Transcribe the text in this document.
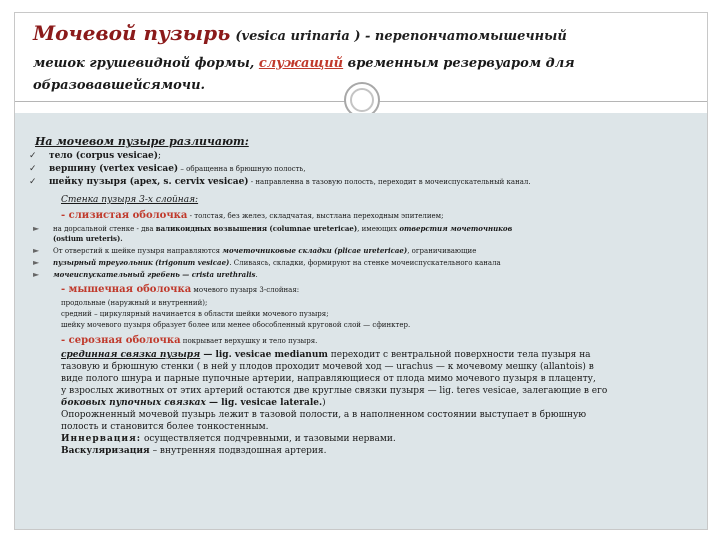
Мочевой пузырь (vesica urinaria ) - перепончатомышечный
мешок грушевидной формы, служащий временным резервуаром для
образовавшейсямочи.
На мочевом пузыре различают:
✓ тело (corpus vesicae);
✓ вершину (vertex vesicae) – обращенна в брюшную полость,
✓ шейку пузыря (apex, s. cervix vesicae) - направленна в тазовую полость, переходит в мочеиспускательный канал.
Стенка пузыря 3-х слойная:
- слизистая оболочка - толстая, без желез, складчатая, выстлана переходным эпителием;
► на дорсальной стенке - два валикоидных возвышения (columnae uretericae), имеющих отверстия мочеточников
(ostium ureteris).
► От отверстий к шейке пузыря направляются мочеточниковые складки (plicae uretericae), ограничивающие
► пузырный треугольник (trigonum vesicae). Сливаясь, складки, формируют на стенке мочеиспускательного канала
► мочеиспускательный гребень — crista urethralis.
- мышечная оболочка мочевого пузыря 3-слойная:
продольные (наружный и внутренний);
средний – циркулярный начинается в области шейки мочевого пузыря;
шейку мочевого пузыря образует более или менее обособленный круговой слой — сфинктер.
- серозная оболочка покрывает верхушку и тело пузыря.
срединная связка пузыря — lig. vesicae medianum переходит с вентральной поверхности тела пузыря на
тазовую и брюшную стенки ( в ней у плодов проходит мочевой ход — urachus — к мочевому мешку (allantois) в
виде полого шнура и парные пупочные артерии, направляющиеся от плода мимо мочевого пузыря в плаценту,
у взрослых животных от этих артерий остаются две круглые связки пузыря — lig. teres vesicae, залегающие в его
боковых пупочных связках — lig. vesicae laterale.)
Опорожненный мочевой пузырь лежит в тазовой полости, а в наполненном состоянии выступает в брюшную
полость и становится более тонкостенным.
Иннервация: осуществляется подчревными, и тазовыми нервами.
Васкуляризация – внутренняя подвздошная артерия.
